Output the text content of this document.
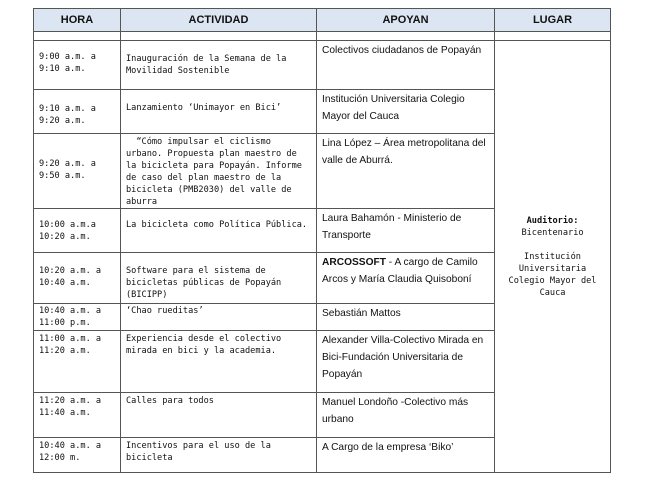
HORA	ACTIVIDAD	APOYAN	LUGAR

9:00 a.m. a
9:10 a.m.	Inauguración de la Semana de la Movilidad Sostenible	Colectivos ciudadanos de Popayán	Auditorio:
Bicentenario
Institución Universitaria Colegio Mayor del Cauca

9:10 a.m. a
9:20 a.m.	Lanzamiento ‘Unimayor en Bici’	Institución Universitaria Colegio Mayor del Cauca	

9:20 a.m. a
9:50 a.m.	“Cómo impulsar el ciclismo urbano. Propuesta plan maestro de la bicicleta para Popayán. Informe de caso del plan maestro de la bicicleta (PMB2030) del valle de aburra	Lina López – Área metropolitana del valle de Aburrá.	

10:00 a.m.a
10:20 a.m.	La bicicleta como Política Pública.	Laura Bahamón - Ministerio de Transporte	

10:20 a.m. a
10:40 a.m.	Software para el sistema de bicicletas públicas de Popayán (BICIPP)	ARCOSSOFT - A cargo de Camilo Arcos y María Claudia Quisoboní	

10:40 a.m. a
11:00 p.m.	‘Chao rueditas’	Sebastián Mattos	

11:00 a.m. a
11:20 a.m.	Experiencia desde el colectivo mirada en bici y la academia.	Alexander Villa-Colectivo Mirada en Bici-Fundación Universitaria de Popayán	

11:20 a.m. a
11:40 a.m.	Calles para todos	Manuel Londoño -Colectivo más urbano	

10:40 a.m. a
12:00 m.	Incentivos para el uso de la bicicleta	A Cargo de la empresa ‘Biko’	
